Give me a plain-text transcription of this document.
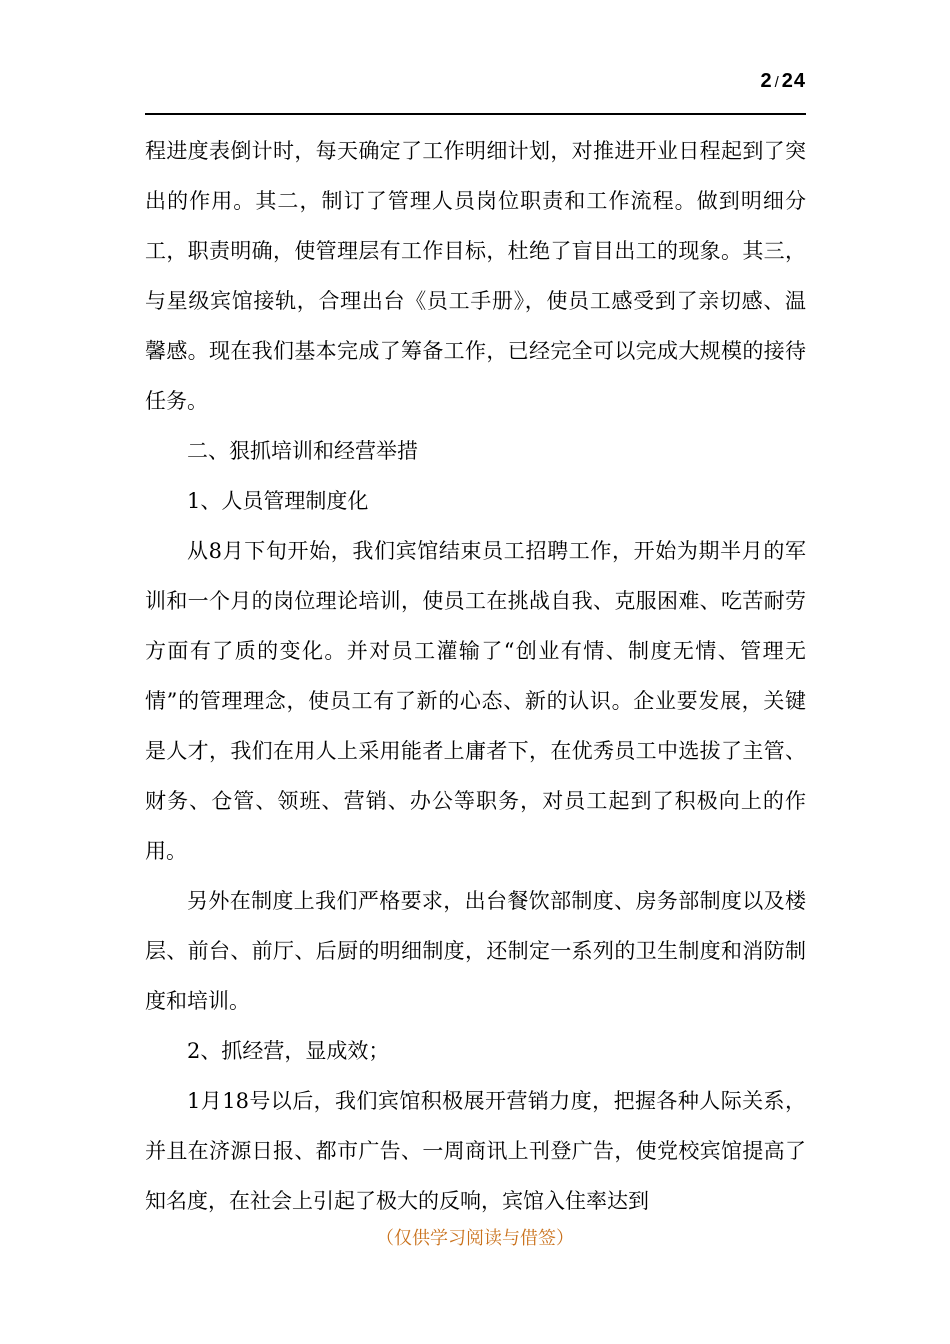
2 / 24

程进度表倒计时，每天确定了工作明细计划，对推进开业日程起到了突出的作用。其二，制订了管理人员岗位职责和工作流程。做到明细分工，职责明确，使管理层有工作目标，杜绝了盲目出工的现象。其三，与星级宾馆接轨，合理出台《员工手册》，使员工感受到了亲切感、温馨感。现在我们基本完成了筹备工作，已经完全可以完成大规模的接待任务。

二、狠抓培训和经营举措

1、人员管理制度化

从8月下旬开始，我们宾馆结束员工招聘工作，开始为期半月的军训和一个月的岗位理论培训，使员工在挑战自我、克服困难、吃苦耐劳方面有了质的变化。并对员工灌输了“创业有情、制度无情、管理无情”的管理理念，使员工有了新的心态、新的认识。企业要发展，关键是人才，我们在用人上采用能者上庸者下，在优秀员工中选拔了主管、财务、仓管、领班、营销、办公等职务，对员工起到了积极向上的作用。

另外在制度上我们严格要求，出台餐饮部制度、房务部制度以及楼层、前台、前厅、后厨的明细制度，还制定一系列的卫生制度和消防制度和培训。

2、抓经营，显成效；

1月18号以后，我们宾馆积极展开营销力度，把握各种人际关系，并且在济源日报、都市广告、一周商讯上刊登广告，使党校宾馆提高了知名度，在社会上引起了极大的反响，宾馆入住率达到

（仅供学习阅读与借签）
